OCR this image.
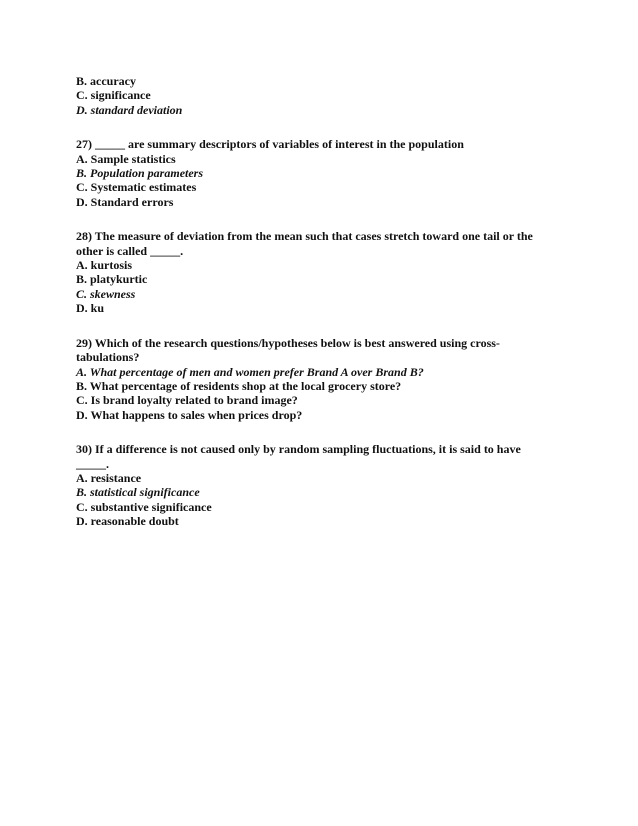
B. accuracy
C. significance
D. standard deviation
27) _____ are summary descriptors of variables of interest in the population
A. Sample statistics
B. Population parameters
C. Systematic estimates
D. Standard errors
28) The measure of deviation from the mean such that cases stretch toward one tail or the
other is called _____.
A. kurtosis
B. platykurtic
C. skewness
D. ku
29) Which of the research questions/hypotheses below is best answered using cross-
tabulations?
A. What percentage of men and women prefer Brand A over Brand B?
B. What percentage of residents shop at the local grocery store?
C. Is brand loyalty related to brand image?
D. What happens to sales when prices drop?
30) If a difference is not caused only by random sampling fluctuations, it is said to have
_____.
A. resistance
B. statistical significance
C. substantive significance
D. reasonable doubt
